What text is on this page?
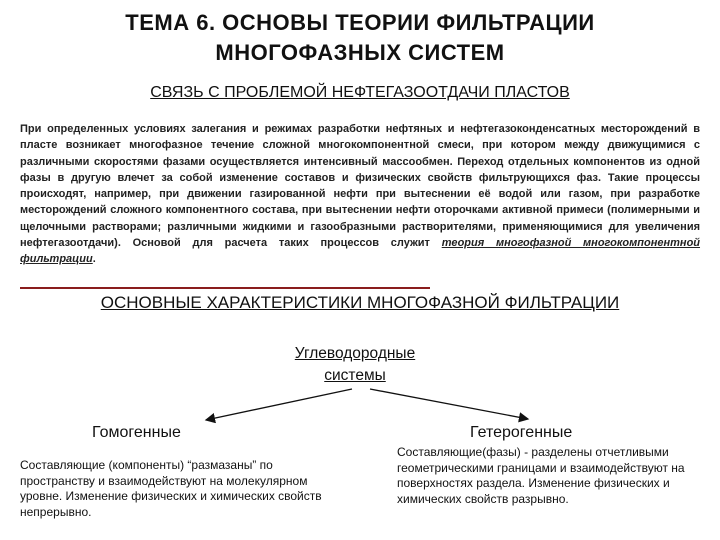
ТЕМА 6. ОСНОВЫ ТЕОРИИ ФИЛЬТРАЦИИ
МНОГОФАЗНЫХ СИСТЕМ
СВЯЗЬ С ПРОБЛЕМОЙ НЕФТЕГАЗООТДАЧИ ПЛАСТОВ
При определенных условиях залегания и режимах разработки нефтяных и нефтегазоконденсатных месторождений в пласте возникает многофазное течение сложной многокомпонентной смеси, при котором между движущимися с различными скоростями фазами осуществляется интенсивный массообмен. Переход отдельных компонентов из одной фазы в другую влечет за собой изменение составов и физических свойств фильтрующихся фаз. Такие процессы происходят, например, при движении газированной нефти при вытеснении её водой или газом, при разработке месторождений сложного компонентного состава, при вытеснении нефти оторочками активной примеси (полимерными и щелочными растворами; различными жидкими и газообразными растворителями, применяющимися для увеличения нефтегазоотдачи). Основой для расчета таких процессов служит теория многофазной многокомпонентной фильтрации.
ОСНОВНЫЕ ХАРАКТЕРИСТИКИ МНОГОФАЗНОЙ ФИЛЬТРАЦИИ
Углеводородные
системы
Гомогенные	Гетерогенные
Составляющие (компоненты) “размазаны” по пространству и взаимодействуют на молекулярном уровне. Изменение физических и химических свойств непрерывно.
Составляющие(фазы) - разделены отчетливыми геометрическими границами и взаимодействуют на поверхностях раздела. Изменение физических и химических свойств разрывно.
